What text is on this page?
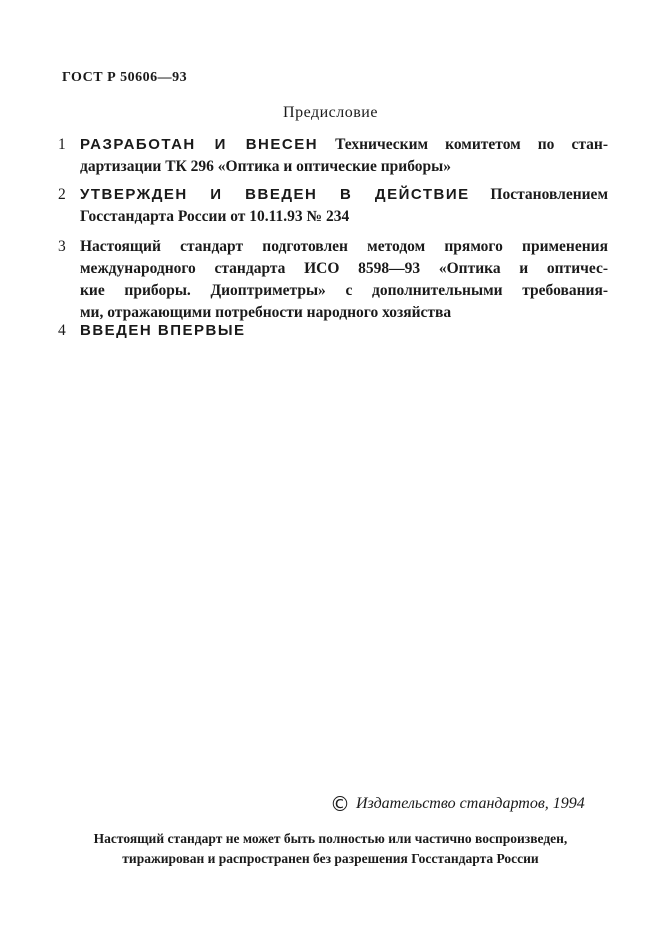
ГОСТ Р 50606—93
Предисловие
1 РАЗРАБОТАН И ВНЕСЕН Техническим комитетом по стан-
дартизации ТК 296 «Оптика и оптические приборы»
2 УТВЕРЖДЕН И ВВЕДЕН В ДЕЙСТВИЕ Постановлением
Госстандарта России от 10.11.93 № 234
3 Настоящий стандарт подготовлен методом прямого применения
международного стандарта ИСО 8598—93 «Оптика и оптичес-
кие приборы. Диоптриметры» с дополнительными требования-
ми, отражающими потребности народного хозяйства
4 ВВЕДЕН ВПЕРВЫЕ
© Издательство стандартов, 1994
Настоящий стандарт не может быть полностью или частично воспроизведен,
тиражирован и распространен без разрешения Госстандарта России
